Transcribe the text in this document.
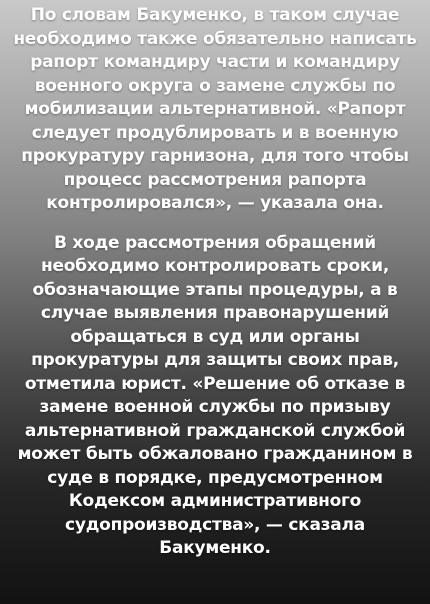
По словам Бакуменко, в таком случае необходимо также обязательно написать рапорт командиру части и командиру военного округа о замене службы по мобилизации альтернативной. «Рапорт следует продублировать и в военную прокуратуру гарнизона, для того чтобы процесс рассмотрения рапорта контролировался», — указала она.

В ходе рассмотрения обращений необходимо контролировать сроки, обозначающие этапы процедуры, а в случае выявления правонарушений обращаться в суд или органы прокуратуры для защиты своих прав, отметила юрист. «Решение об отказе в замене военной службы по призыву альтернативной гражданской службой может быть обжаловано гражданином в суде в порядке, предусмотренном Кодексом административного судопроизводства», — сказала Бакуменко.
